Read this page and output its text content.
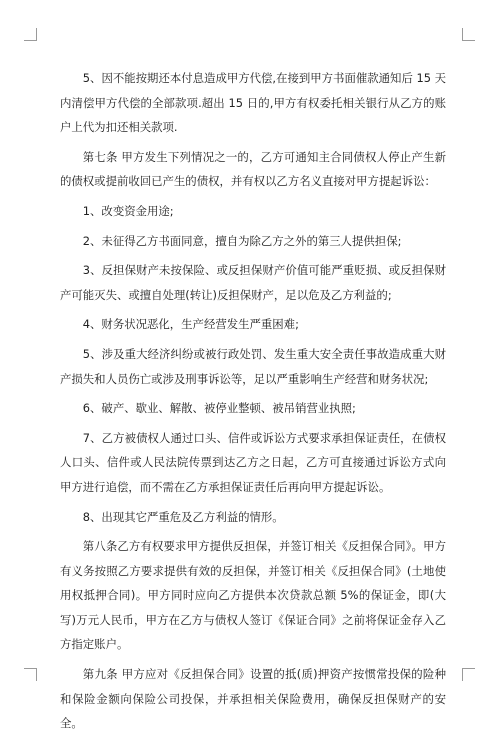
5、因不能按期还本付息造成甲方代偿,在接到甲方书面催款通知后 15 天内清偿甲方代偿的全部款项.超出 15 日的,甲方有权委托相关银行从乙方的账户上代为扣还相关款项.

第七条 甲方发生下列情况之一的，乙方可通知主合同债权人停止产生新的债权或提前收回已产生的债权，并有权以乙方名义直接对甲方提起诉讼：

1、改变资金用途;

2、未征得乙方书面同意，擅自为除乙方之外的第三人提供担保;

3、反担保财产未按保险、或反担保财产价值可能严重贬损、或反担保财产可能灭失、或擅自处理(转让)反担保财产，足以危及乙方利益的;

4、财务状况恶化，生产经营发生严重困难;

5、涉及重大经济纠纷或被行政处罚、发生重大安全责任事故造成重大财产损失和人员伤亡或涉及刑事诉讼等，足以严重影响生产经营和财务状况;

6、破产、歇业、解散、被停业整顿、被吊销营业执照;

7、乙方被债权人通过口头、信件或诉讼方式要求承担保证责任，在债权人口头、信件或人民法院传票到达乙方之日起，乙方可直接通过诉讼方式向甲方进行追偿，而不需在乙方承担保证责任后再向甲方提起诉讼。

8、出现其它严重危及乙方利益的情形。

第八条乙方有权要求甲方提供反担保，并签订相关《反担保合同》。甲方有义务按照乙方要求提供有效的反担保，并签订相关《反担保合同》(土地使用权抵押合同)。甲方同时应向乙方提供本次贷款总额 5%的保证金，即(大写)万元人民币，甲方在乙方与债权人签订《保证合同》之前将保证金存入乙方指定账户。

第九条 甲方应对《反担保合同》设置的抵(质)押资产按惯常投保的险种和保险金额向保险公司投保，并承担相关保险费用，确保反担保财产的安全。
